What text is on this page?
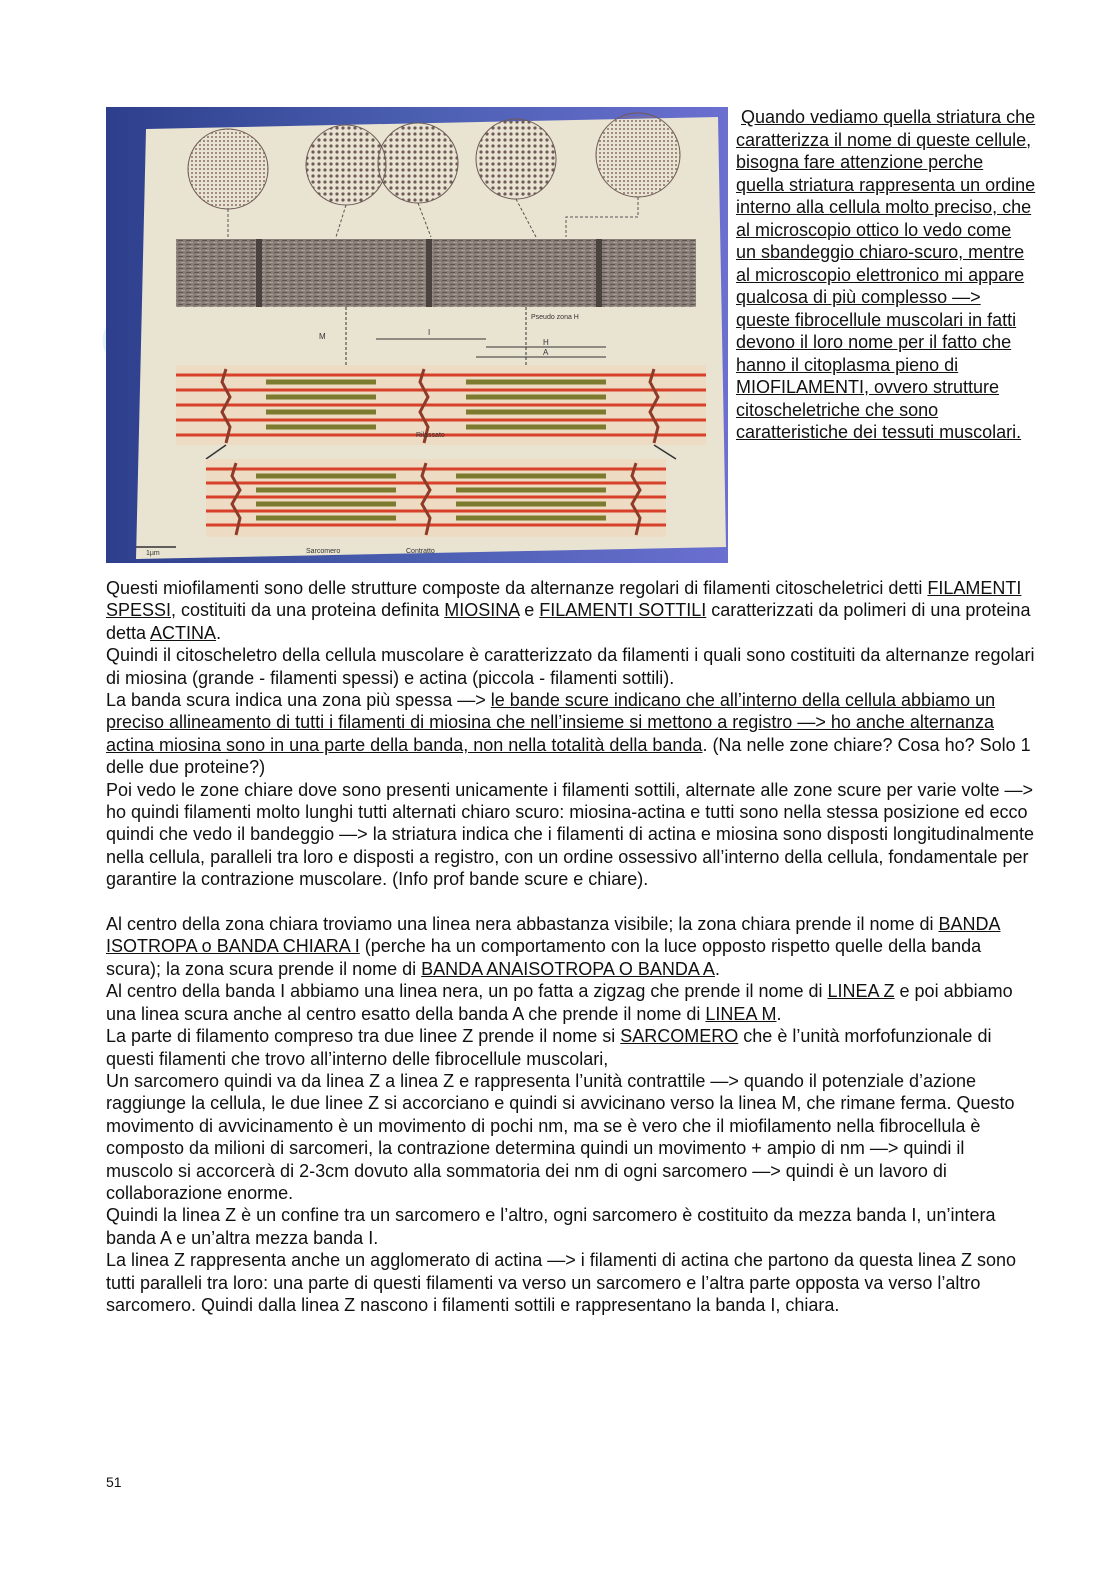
M	I
Pseudo zona H
H
A
Rilassato
1µm	Sarcomero	Contratto
Quando vediamo quella striatura che caratterizza il nome di queste cellule, bisogna fare attenzione perche quella striatura rappresenta un ordine interno alla cellula molto preciso, che al microscopio ottico lo vedo come un sbandeggio chiaro-scuro, mentre al microscopio elettronico mi appare qualcosa di più complesso —> queste fibrocellule muscolari in fatti devono il loro nome per il fatto che hanno il citoplasma pieno di MIOFILAMENTI, ovvero strutture citoscheletriche che sono caratteristiche dei tessuti muscolari.

Questi miofilamenti sono delle strutture composte da alternanze regolari di filamenti citoscheletrici detti FILAMENTI SPESSI, costituiti da una proteina definita MIOSINA e FILAMENTI SOTTILI caratterizzati da polimeri di una proteina detta ACTINA.

Quindi il citoscheletro della cellula muscolare è caratterizzato da filamenti i quali sono costituiti da alternanze regolari di miosina (grande - filamenti spessi) e actina (piccola - filamenti sottili).

La banda scura indica una zona più spessa —> le bande scure indicano che all’interno della cellula abbiamo un preciso allineamento di tutti i filamenti di miosina che nell’insieme si mettono a registro —> ho anche alternanza actina miosina sono in una parte della banda, non nella totalità della banda. (Na nelle zone chiare? Cosa ho? Solo 1 delle due proteine?)

Poi vedo le zone chiare dove sono presenti unicamente i filamenti sottili, alternate alle zone scure per varie volte —> ho quindi filamenti molto lunghi tutti alternati chiaro scuro: miosina-actina e tutti sono nella stessa posizione ed ecco quindi che vedo il bandeggio —> la striatura indica che i filamenti di actina e miosina sono disposti longitudinalmente nella cellula, paralleli tra loro e disposti a registro, con un ordine ossessivo all’interno della cellula, fondamentale per garantire la contrazione muscolare. (Info prof bande scure e chiare).

Al centro della zona chiara troviamo una linea nera abbastanza visibile; la zona chiara prende il nome di BANDA ISOTROPA o BANDA CHIARA I (perche ha un comportamento con la luce opposto rispetto quelle della banda scura); la zona scura prende il nome di BANDA ANAISOTROPA O BANDA A.

Al centro della banda I abbiamo una linea nera, un po fatta a zigzag che prende il nome di LINEA Z e poi abbiamo una linea scura anche al centro esatto della banda A che prende il nome di LINEA M.

La parte di filamento compreso tra due linee Z prende il nome si SARCOMERO che è l’unità morfofunzionale di questi filamenti che trovo all’interno delle fibrocellule muscolari,

Un sarcomero quindi va da linea Z a linea Z e rappresenta l’unità contrattile —> quando il potenziale d’azione raggiunge la cellula, le due linee Z si accorciano e quindi si avvicinano verso la linea M, che rimane ferma. Questo movimento di avvicinamento è un movimento di pochi nm, ma se è vero che il miofilamento nella fibrocellula è composto da milioni di sarcomeri, la contrazione determina quindi un movimento + ampio di nm —> quindi il muscolo si accorcerà di 2-3cm dovuto alla sommatoria dei nm di ogni sarcomero —> quindi è un lavoro di collaborazione enorme.

Quindi la linea Z è un confine tra un sarcomero e l’altro, ogni sarcomero è costituito da mezza banda I, un’intera banda A e un’altra mezza banda I.

La linea Z rappresenta anche un agglomerato di actina —> i filamenti di actina che partono da questa linea Z sono tutti paralleli tra loro: una parte di questi filamenti va verso un sarcomero e l’altra parte opposta va verso l’altro sarcomero. Quindi dalla linea Z nascono i filamenti sottili e rappresentano la banda I, chiara.

51
